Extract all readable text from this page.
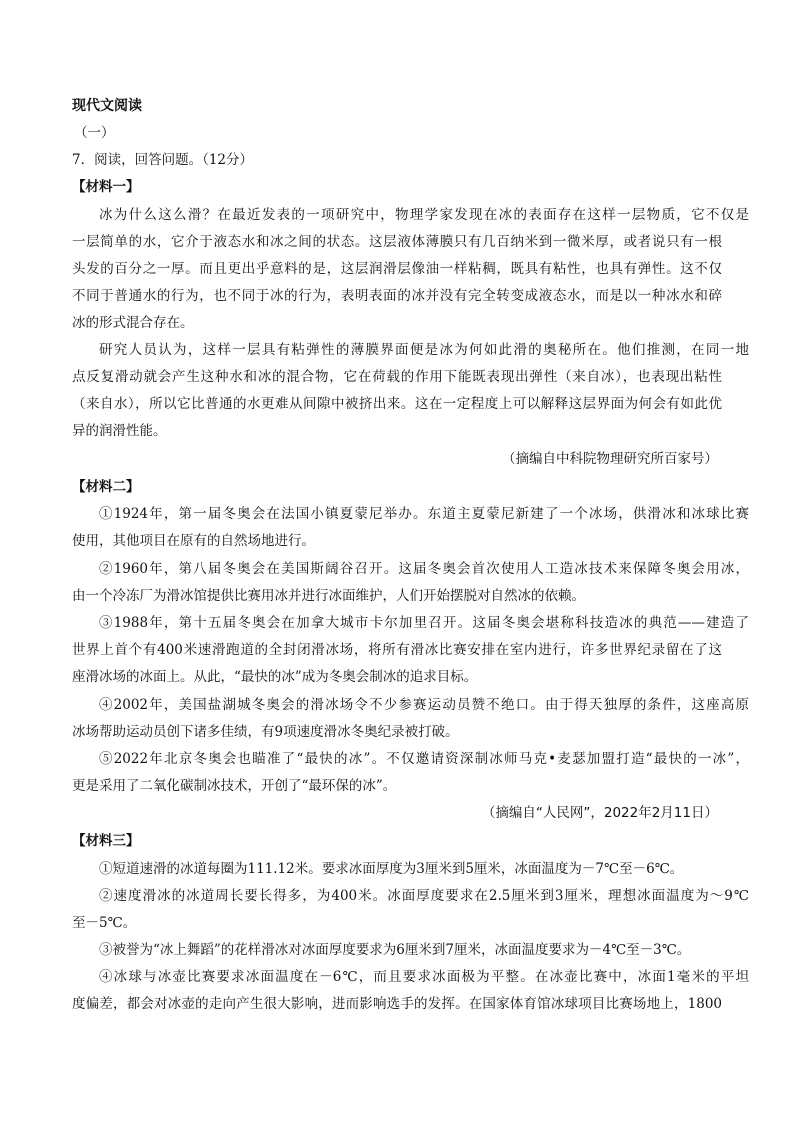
现代文阅读
（一）
7．阅读，回答问题。（12分）
【材料一】
冰为什么这么滑？在最近发表的一项研究中，物理学家发现在冰的表面存在这样一层物质，它不仅是
一层简单的水，它介于液态水和冰之间的状态。这层液体薄膜只有几百纳米到一微米厚，或者说只有一根
头发的百分之一厚。而且更出乎意料的是，这层润滑层像油一样粘稠，既具有粘性，也具有弹性。这不仅
不同于普通水的行为，也不同于冰的行为，表明表面的冰并没有完全转变成液态水，而是以一种冰水和碎
冰的形式混合存在。
研究人员认为，这样一层具有粘弹性的薄膜界面便是冰为何如此滑的奥秘所在。他们推测，在同一地
点反复滑动就会产生这种水和冰的混合物，它在荷载的作用下能既表现出弹性（来自冰），也表现出粘性
（来自水），所以它比普通的水更难从间隙中被挤出来。这在一定程度上可以解释这层界面为何会有如此优
异的润滑性能。
（摘编自中科院物理研究所百家号）
【材料二】
①1924年，第一届冬奥会在法国小镇夏蒙尼举办。东道主夏蒙尼新建了一个冰场，供滑冰和冰球比赛
使用，其他项目在原有的自然场地进行。
②1960年，第八届冬奥会在美国斯阔谷召开。这届冬奥会首次使用人工造冰技术来保障冬奥会用冰，
由一个冷冻厂为滑冰馆提供比赛用冰并进行冰面维护，人们开始摆脱对自然冰的依赖。
③1988年，第十五届冬奥会在加拿大城市卡尔加里召开。这届冬奥会堪称科技造冰的典范——建造了
世界上首个有400米速滑跑道的全封闭滑冰场，将所有滑冰比赛安排在室内进行，许多世界纪录留在了这
座滑冰场的冰面上。从此，“最快的冰”成为冬奥会制冰的追求目标。
④2002年，美国盐湖城冬奥会的滑冰场令不少参赛运动员赞不绝口。由于得天独厚的条件，这座高原
冰场帮助运动员创下诸多佳绩，有9项速度滑冰冬奥纪录被打破。
⑤2022年北京冬奥会也瞄准了“最快的冰”。不仅邀请资深制冰师马克•麦瑟加盟打造“最快的一冰”，
更是采用了二氧化碳制冰技术，开创了“最环保的冰”。
（摘编自“人民网”，2022年2月11日）
【材料三】
①短道速滑的冰道每圈为111.12米。要求冰面厚度为3厘米到5厘米，冰面温度为－7℃至－6℃。
②速度滑冰的冰道周长要长得多，为400米。冰面厚度要求在2.5厘米到3厘米，理想冰面温度为～9℃
至－5℃。
③被誉为“冰上舞蹈”的花样滑冰对冰面厚度要求为6厘米到7厘米，冰面温度要求为－4℃至－3℃。
④冰球与冰壶比赛要求冰面温度在－6℃，而且要求冰面极为平整。在冰壶比赛中，冰面1毫米的平坦
度偏差，都会对冰壶的走向产生很大影响，进而影响选手的发挥。在国家体育馆冰球项目比赛场地上，1800
